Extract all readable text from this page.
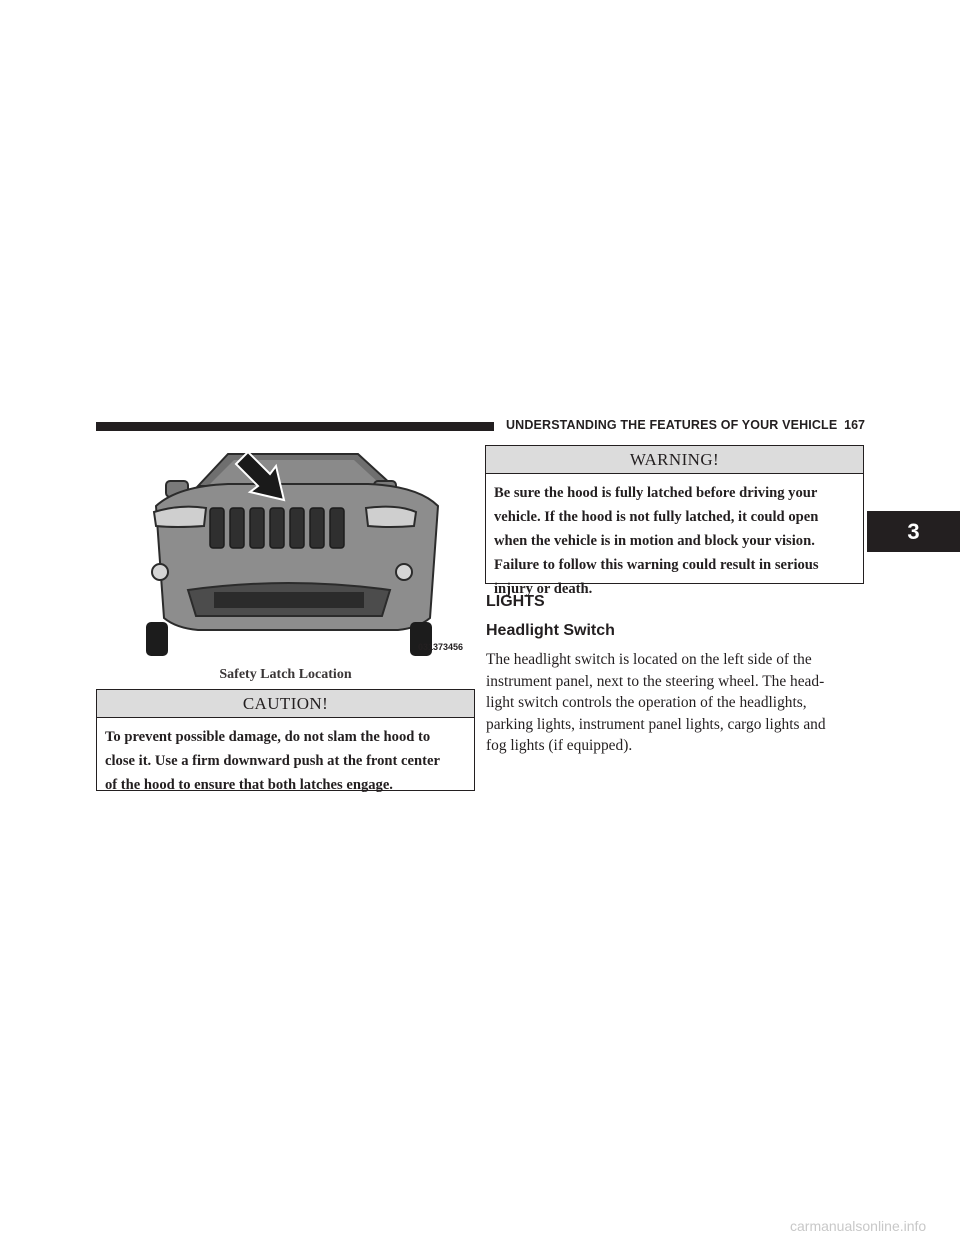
UNDERSTANDING THE FEATURES OF YOUR VEHICLE 167
3
031373456
Safety Latch Location
CAUTION!
To prevent possible damage, do not slam the hood to
close it. Use a firm downward push at the front center
of the hood to ensure that both latches engage.
WARNING!
Be sure the hood is fully latched before driving your
vehicle. If the hood is not fully latched, it could open
when the vehicle is in motion and block your vision.
Failure to follow this warning could result in serious
injury or death.
LIGHTS
Headlight Switch
The headlight switch is located on the left side of the
instrument panel, next to the steering wheel. The head-
light switch controls the operation of the headlights,
parking lights, instrument panel lights, cargo lights and
fog lights (if equipped).
carmanualsonline.info
